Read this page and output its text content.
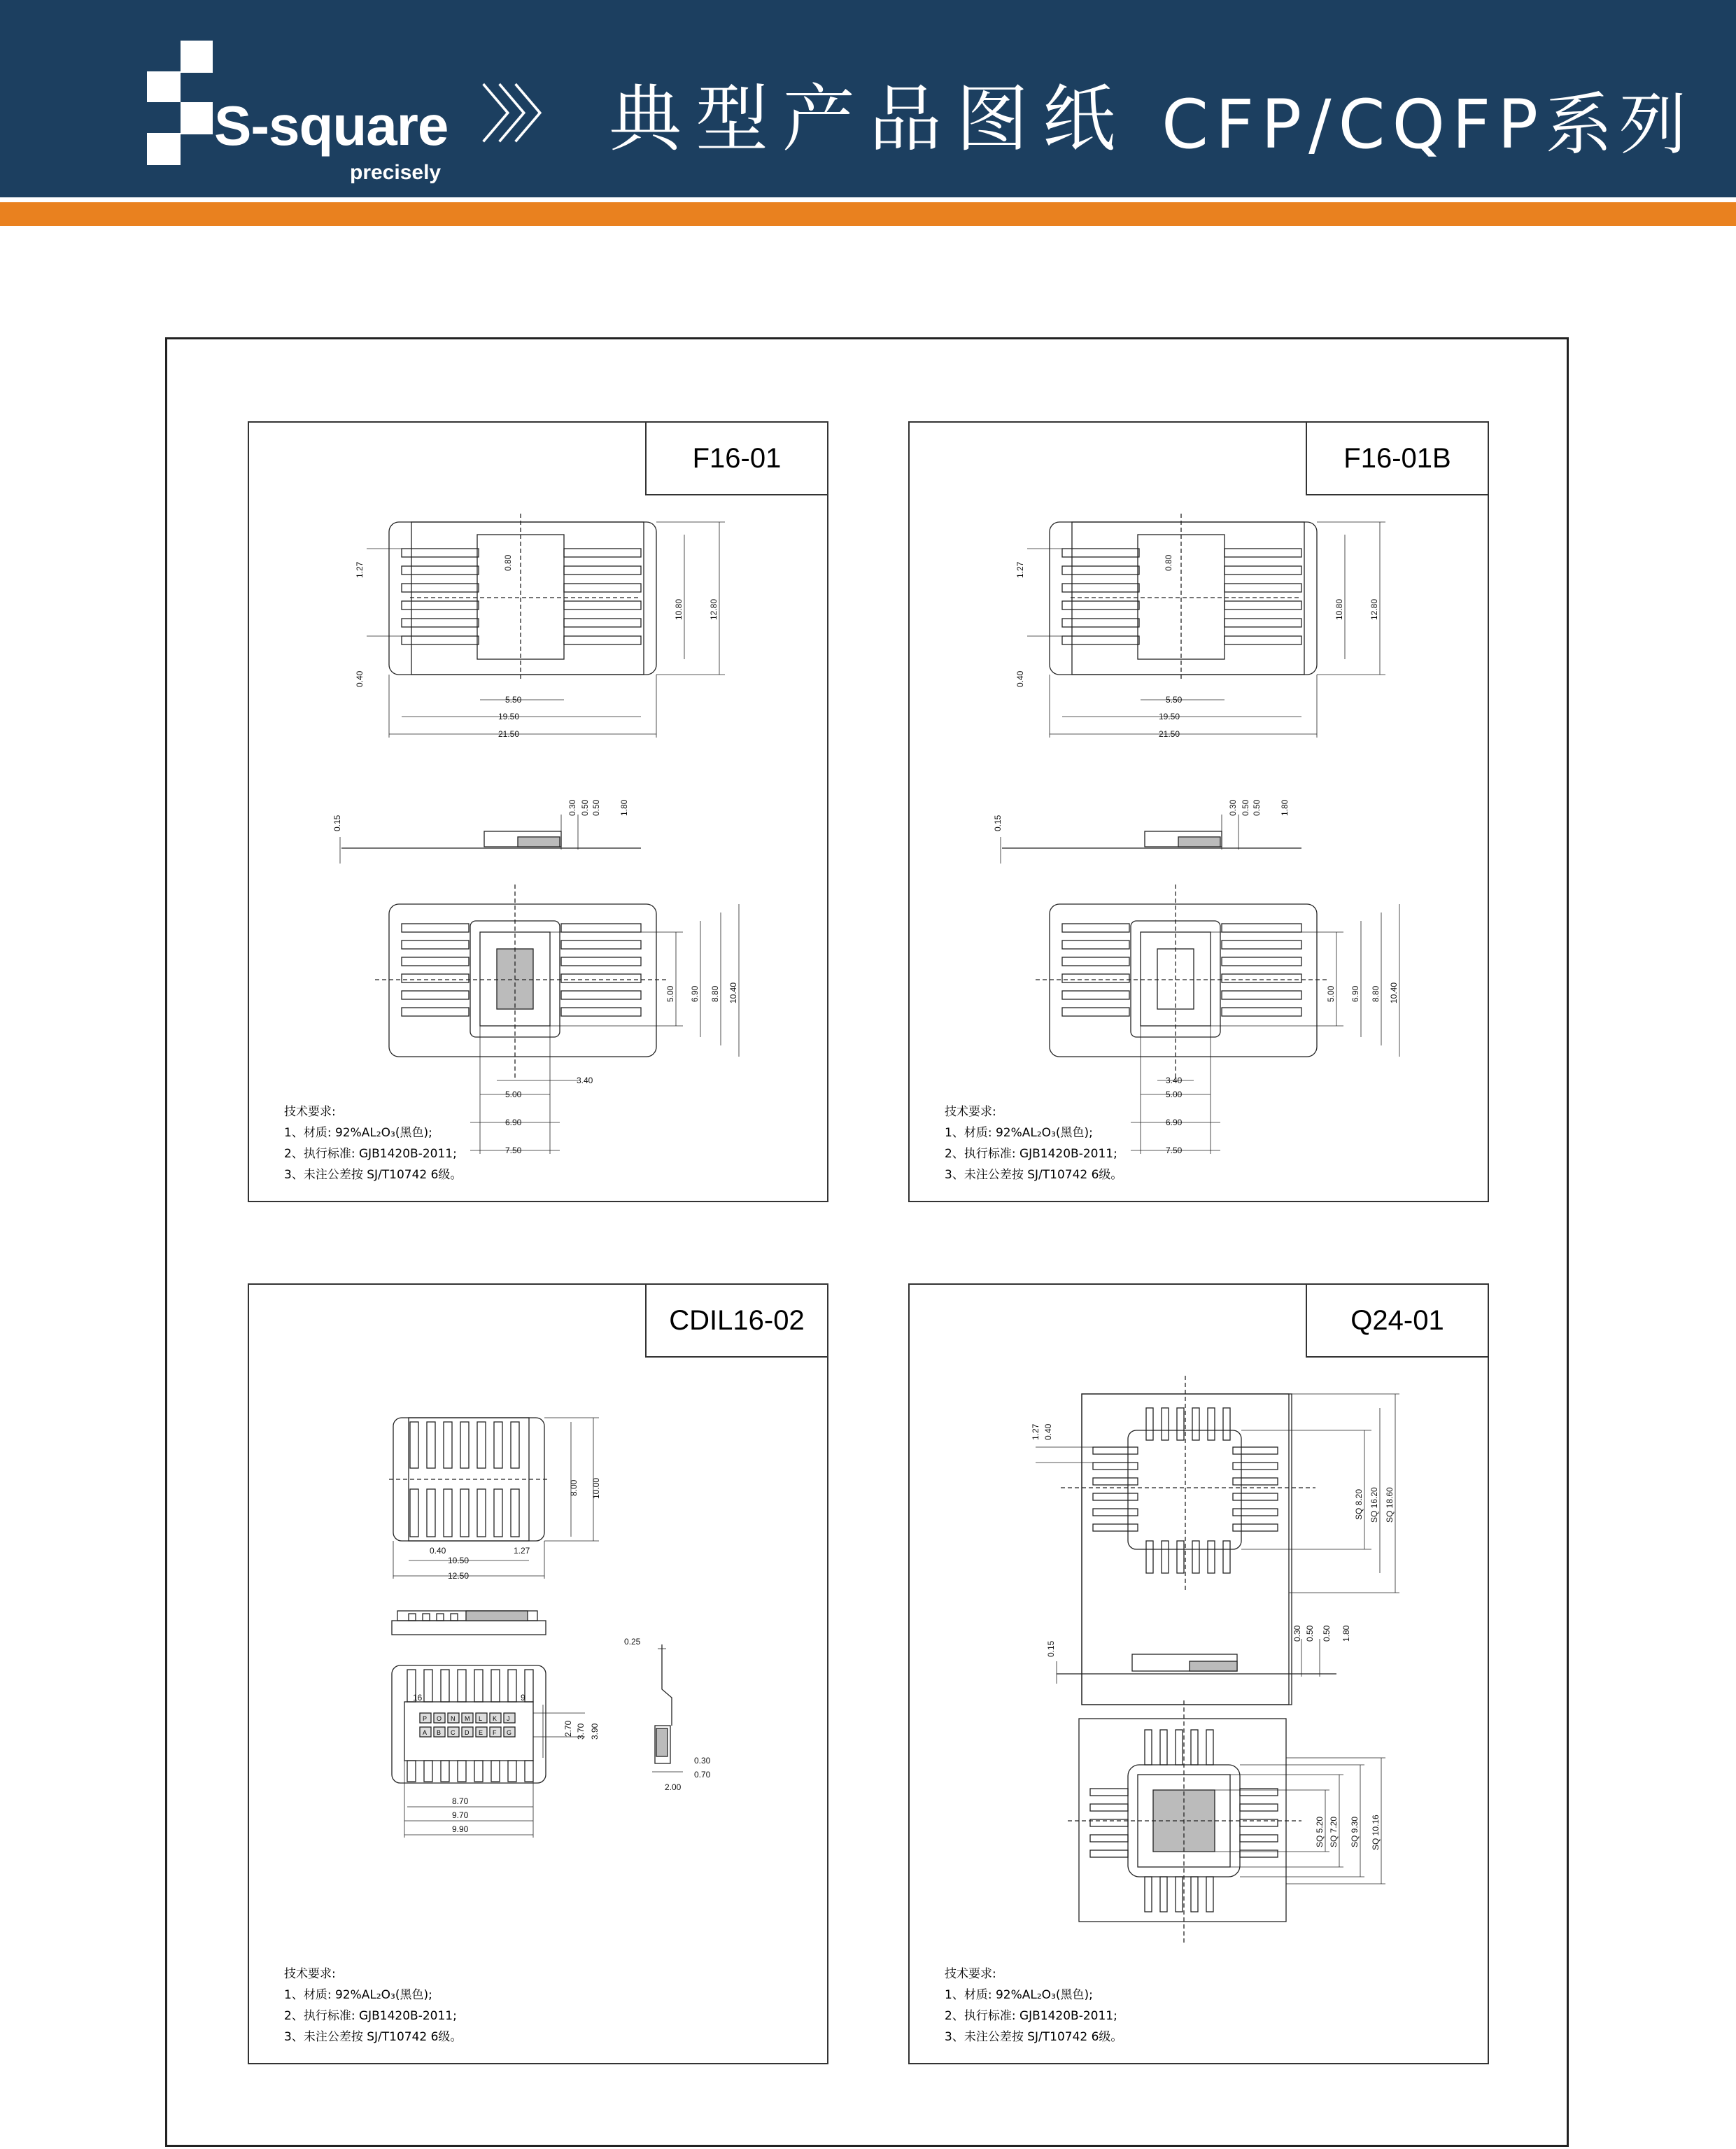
S-square
precisely
〉〉〉 典型产品图纸 CFP/CQFP系列
F16-01
5.50
19.50
21.50
1.27	0.80
0.40
10.80	12.80
0.15
0.30 0.50 0.50 1.80
3.40
5.00
6.90
7.50
5.00 6.90 8.80 10.40
技术要求:
1、材质: 92%AL₂O₃(黑色);
2、执行标准: GJB1420B-2011;
3、未注公差按 SJ/T10742 6级。
F16-01B
5.50
19.50
21.50
1.27	0.80
0.40
10.80	12.80
0.15
0.30 0.50 0.50 1.80
3.40
5.00
6.90
7.50
5.00 6.90 8.80 10.40
技术要求:
1、材质: 92%AL₂O₃(黑色);
2、执行标准: GJB1420B-2011;
3、未注公差按 SJ/T10742 6级。
CDIL16-02
0.40	1.27
10.50
12.50
8.00 10.00
16	9
P O N M L K J
A B C D E F G
8.70
9.70
9.90
2.70 3.70 3.90
0.25
0.30
0.70
2.00
技术要求:
1、材质: 92%AL₂O₃(黑色);
2、执行标准: GJB1420B-2011;
3、未注公差按 SJ/T10742 6级。
Q24-01
1.27 0.40
SQ 8.20 SQ 16.20 SQ 18.60
0.15
0.30 0.50 0.50 1.80
SQ 5.20 SQ 7.20 SQ 9.30 SQ 10.16
技术要求:
1、材质: 92%AL₂O₃(黑色);
2、执行标准: GJB1420B-2011;
3、未注公差按 SJ/T10742 6级。
